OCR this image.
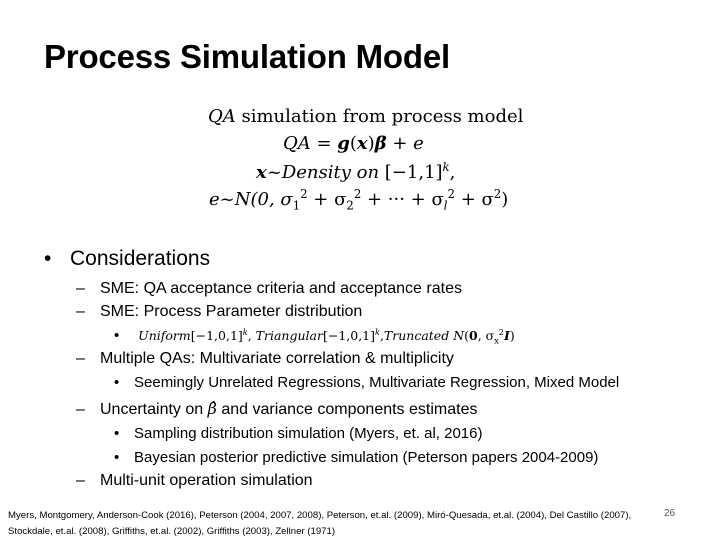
Process Simulation Model
QA simulation from process model
QA = g(x)β + e
x~Density on $[-1,1]^k$,
e~N(0, $\sigma_1^2 + \sigma_2^2$ + ··· + $\sigma_l^2 + \sigma^2$)
• Considerations
– SME: QA acceptance criteria and acceptance rates
– SME: Process Parameter distribution
• $Uniform[-1,0,1]^k$, $Triangular[-1,0,1]^k,Truncated$ N(0, $\sigma_x^2I$)
– Multiple QAs: Multivariate correlation & multiplicity
• Seemingly Unrelated Regressions, Multivariate Regression, Mixed Model
– Uncertainty on β̂ and variance components estimates
• Sampling distribution simulation (Myers, et. al, 2016)
• Bayesian posterior predictive simulation (Peterson papers 2004-2009)
– Multi-unit operation simulation
Myers, Montgomery, Anderson-Cook (2016), Peterson (2004, 2007, 2008), Peterson, et.al. (2009), Miró-Quesada, et.al. (2004), Del Castillo (2007), Stockdale, et.al. (2008), Griffiths, et.al. (2002), Griffiths (2003), Zellner (1971)
26
